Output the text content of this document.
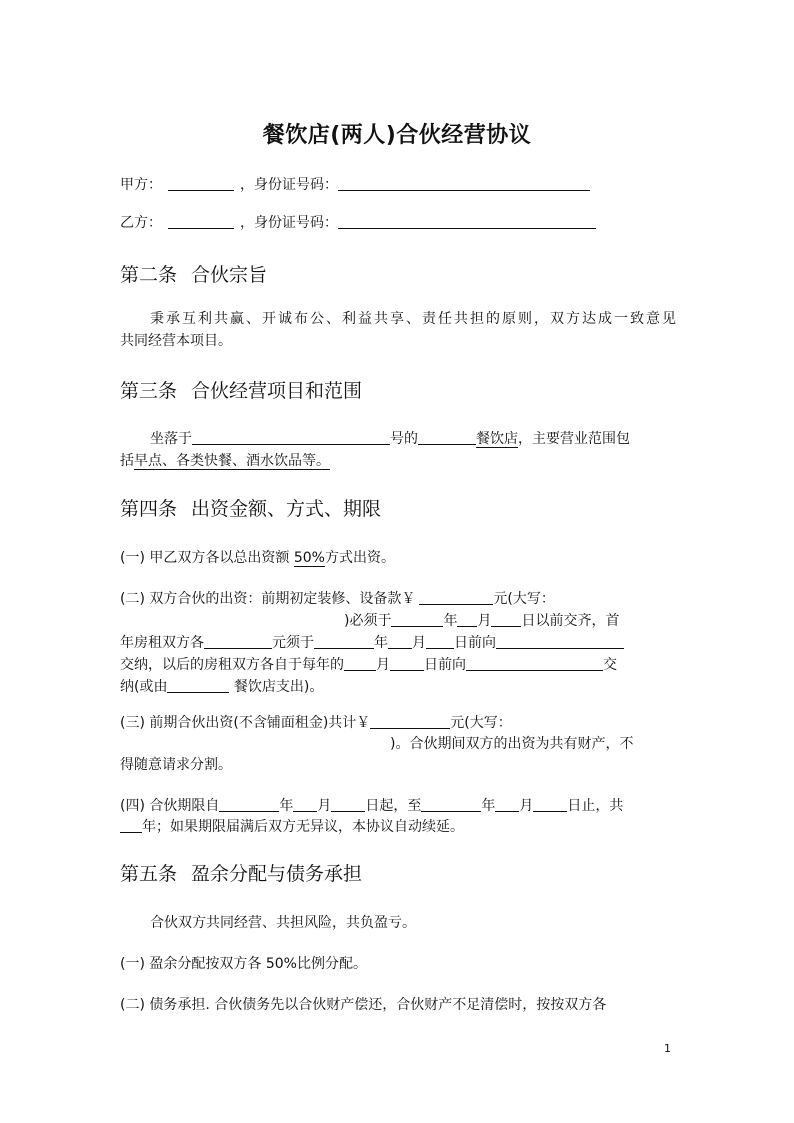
餐饮店(两人)合伙经营协议
甲方：	，身份证号码：
乙方：	，身份证号码：
第二条 合伙宗旨
秉承互利共赢、开诚布公、利益共享、责任共担的原则，双方达成一致意见
共同经营本项目。
第三条 合伙经营项目和范围
坐落于	号的	餐饮店，主要营业范围包
括早点、各类快餐、酒水饮品等。
第四条 出资金额、方式、期限
(一) 甲乙双方各以总出资额 50%方式出资。
(二) 双方合伙的出资：前期初定装修、设备款￥	元(大写：
)必须于	年 月 日以前交齐，首
年房租双方各	元须于	年 月 日前向
交纳，以后的房租双方各自于每年的 月 日前向	交
纳(或由	餐饮店支出)。
(三) 前期合伙出资(不含铺面租金)共计￥	元(大写：
)。合伙期间双方的出资为共有财产，不
得随意请求分割。
(四) 合伙期限自	年 月 日起，至	年 月 日止，共
年；如果期限届满后双方无异议，本协议自动续延。
第五条 盈余分配与债务承担
合伙双方共同经营、共担风险，共负盈亏。
(一) 盈余分配按双方各 50%比例分配。
(二) 债务承担. 合伙债务先以合伙财产偿还，合伙财产不足清偿时，按按双方各
1
